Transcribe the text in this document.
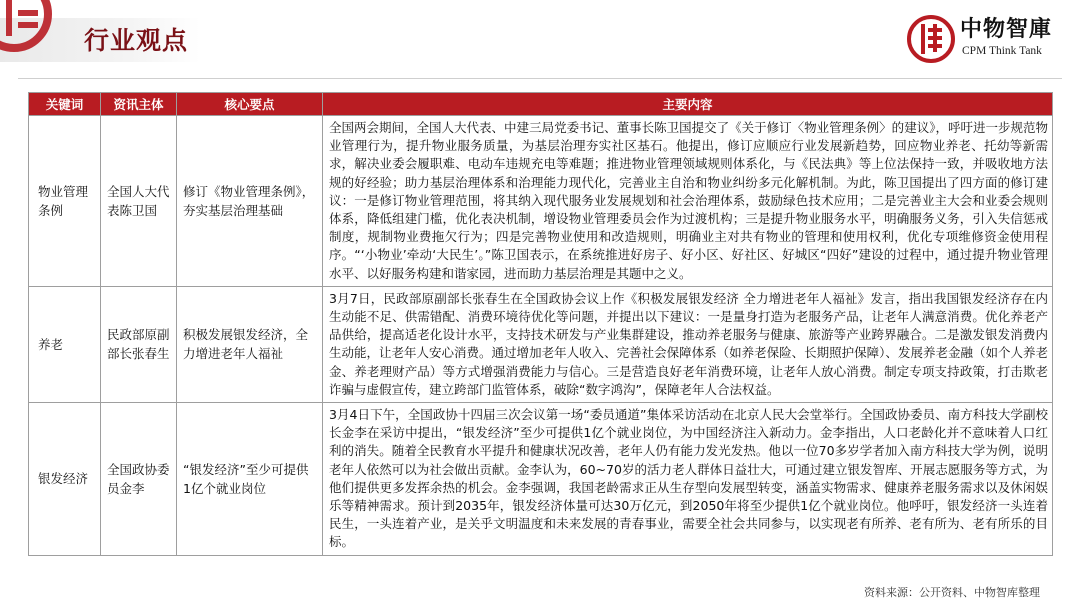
行业观点	中物智庫
CPM Think Tank
关键词	资讯主体	核心要点	主要内容
物业管理条例	全国人大代表陈卫国	修订《物业管理条例》，夯实基层治理基础	全国两会期间，全国人大代表、中建三局党委书记、董事长陈卫国提交了《关于修订〈物业管理条例〉的建议》，呼吁进一步规范物业管理行为，提升物业服务质量，为基层治理夯实社区基石。他提出，修订应顺应行业发展新趋势，回应物业养老、托幼等新需求，解决业委会履职难、电动车违规充电等难题；推进物业管理领域规则体系化，与《民法典》等上位法保持一致，并吸收地方法规的好经验；助力基层治理体系和治理能力现代化，完善业主自治和物业纠纷多元化解机制。为此，陈卫国提出了四方面的修订建议：一是修订物业管理范围，将其纳入现代服务业发展规划和社会治理体系，鼓励绿色技术应用；二是完善业主大会和业委会规则体系，降低组建门槛，优化表决机制，增设物业管理委员会作为过渡机构；三是提升物业服务水平，明确服务义务，引入失信惩戒制度，规制物业费拖欠行为；四是完善物业使用和改造规则，明确业主对共有物业的管理和使用权利，优化专项维修资金使用程序。“‘小物业’牵动‘大民生’。”陈卫国表示，在系统推进好房子、好小区、好社区、好城区“四好”建设的过程中，通过提升物业管理水平、以好服务构建和谐家园，进而助力基层治理是其题中之义。
养老	民政部原副部长张春生	积极发展银发经济，全力增进老年人福祉	3月7日，民政部原副部长张春生在全国政协会议上作《积极发展银发经济 全力增进老年人福祉》发言，指出我国银发经济存在内生动能不足、供需错配、消费环境待优化等问题，并提出以下建议：一是量身打造为老服务产品，让老年人满意消费。优化养老产品供给，提高适老化设计水平，支持技术研发与产业集群建设，推动养老服务与健康、旅游等产业跨界融合。二是激发银发消费内生动能，让老年人安心消费。通过增加老年人收入、完善社会保障体系（如养老保险、长期照护保障）、发展养老金融（如个人养老金、养老理财产品）等方式增强消费能力与信心。三是营造良好老年消费环境，让老年人放心消费。制定专项支持政策，打击欺老诈骗与虚假宣传，建立跨部门监管体系，破除“数字鸿沟”，保障老年人合法权益。
银发经济	全国政协委员金李	“银发经济”至少可提供1亿个就业岗位	3月4日下午，全国政协十四届三次会议第一场“委员通道”集体采访活动在北京人民大会堂举行。全国政协委员、南方科技大学副校长金李在采访中提出，“银发经济”至少可提供1亿个就业岗位，为中国经济注入新动力。金李指出，人口老龄化并不意味着人口红利的消失。随着全民教育水平提升和健康状况改善，老年人仍有能力发光发热。他以一位70多岁学者加入南方科技大学为例，说明老年人依然可以为社会做出贡献。金李认为，60~70岁的活力老人群体日益壮大，可通过建立银发智库、开展志愿服务等方式，为他们提供更多发挥余热的机会。金李强调，我国老龄需求正从生存型向发展型转变，涵盖实物需求、健康养老服务需求以及休闲娱乐等精神需求。预计到2035年，银发经济体量可达30万亿元，到2050年将至少提供1亿个就业岗位。他呼吁，银发经济一头连着民生，一头连着产业，是关乎文明温度和未来发展的青春事业，需要全社会共同参与，以实现老有所养、老有所为、老有所乐的目标。
资料来源：公开资料、中物智库整理
